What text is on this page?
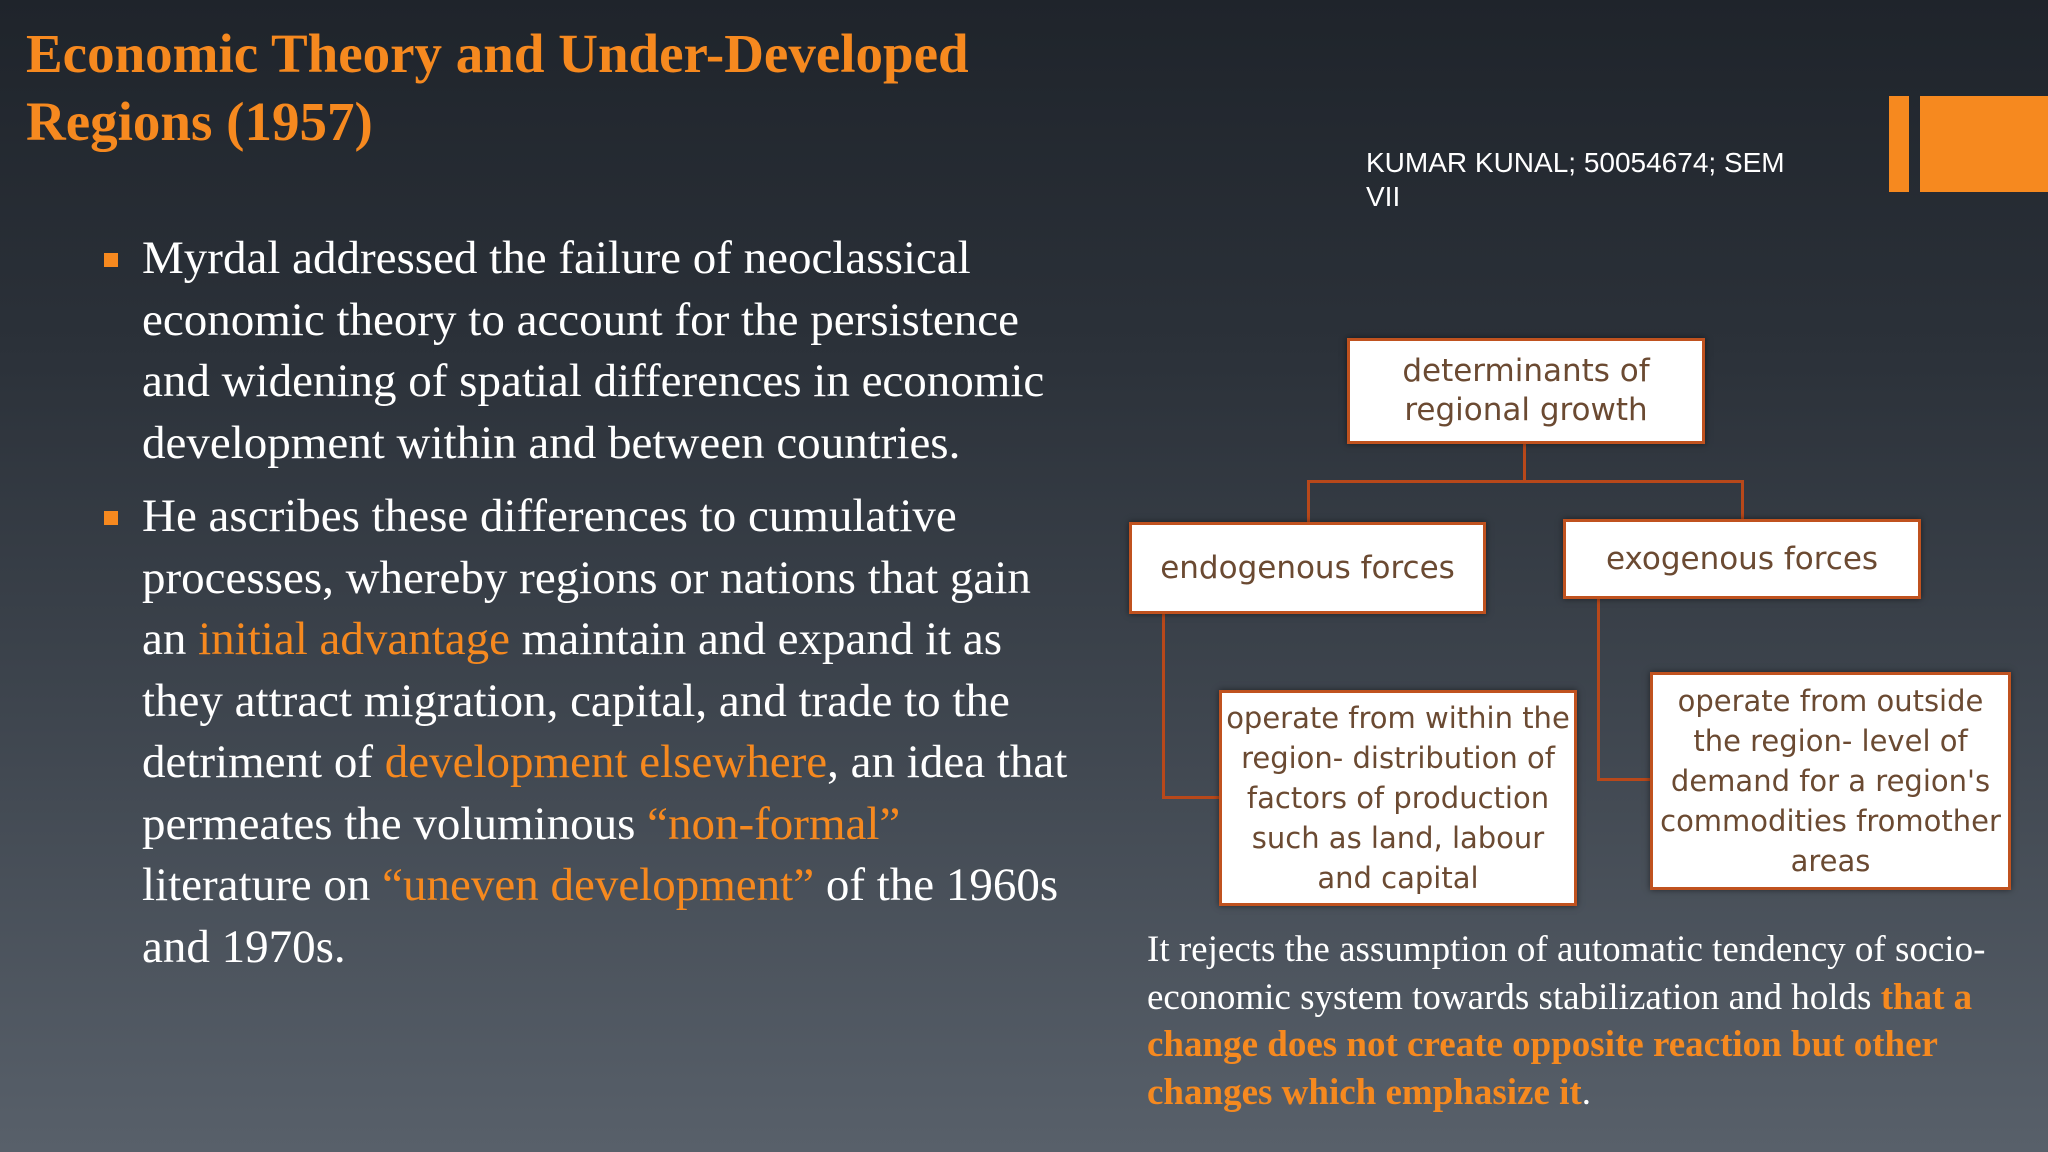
Economic Theory and Under-Developed Regions (1957)
KUMAR KUNAL; 50054674; SEM
VII
Myrdal addressed the failure of neoclassical economic theory to account for the persistence and widening of spatial differences in economic development within and between countries.
He ascribes these differences to cumulative processes, whereby regions or nations that gain an initial advantage maintain and expand it as they attract migration, capital, and trade to the detriment of development elsewhere, an idea that permeates the voluminous “non-formal” literature on “uneven development” of the 1960s and 1970s.
determinants of regional growth
endogenous forces	exogenous forces
operate from within the region- distribution of factors of production such as land, labour and capital
operate from outside the region- level of demand for a region's commodities fromother areas
It rejects the assumption of automatic tendency of socio-economic system towards stabilization and holds that a change does not create opposite reaction but other changes which emphasize it.
